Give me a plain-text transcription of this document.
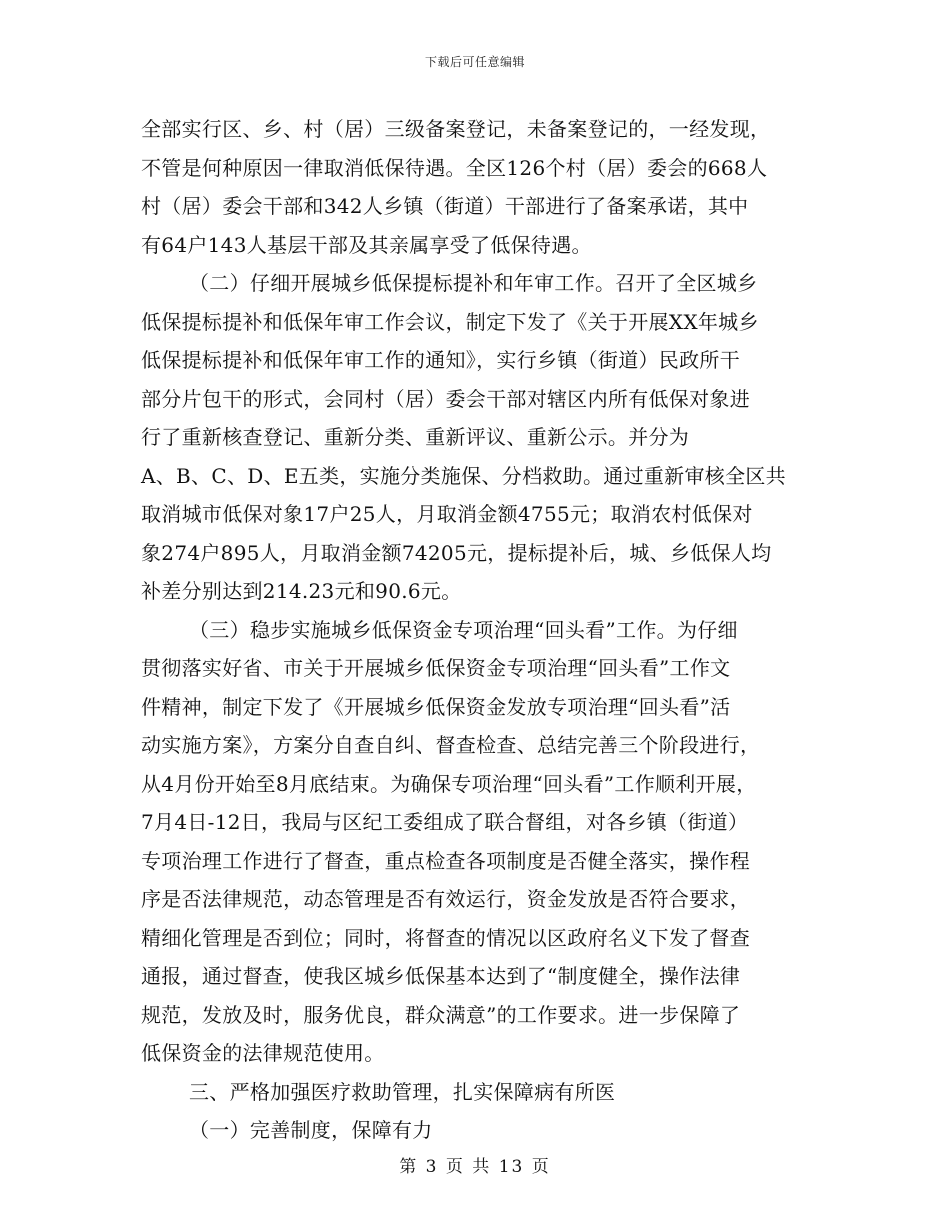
下载后可任意编辑
全部实行区、乡、村（居）三级备案登记，未备案登记的，一经发现，
不管是何种原因一律取消低保待遇。全区126个村（居）委会的668人
村（居）委会干部和342人乡镇（街道）干部进行了备案承诺，其中
有64户143人基层干部及其亲属享受了低保待遇。
（二）仔细开展城乡低保提标提补和年审工作。召开了全区城乡
低保提标提补和低保年审工作会议，制定下发了《关于开展XX年城乡
低保提标提补和低保年审工作的通知》，实行乡镇（街道）民政所干
部分片包干的形式，会同村（居）委会干部对辖区内所有低保对象进
行了重新核查登记、重新分类、重新评议、重新公示。并分为
A、B、C、D、E五类，实施分类施保、分档救助。通过重新审核全区共
取消城市低保对象17户25人，月取消金额4755元；取消农村低保对
象274户895人，月取消金额74205元，提标提补后，城、乡低保人均
补差分别达到214.23元和90.6元。
（三）稳步实施城乡低保资金专项治理“回头看”工作。为仔细
贯彻落实好省、市关于开展城乡低保资金专项治理“回头看”工作文
件精神，制定下发了《开展城乡低保资金发放专项治理“回头看”活
动实施方案》，方案分自查自纠、督查检查、总结完善三个阶段进行，
从4月份开始至8月底结束。为确保专项治理“回头看”工作顺利开展，
7月4日-12日，我局与区纪工委组成了联合督组，对各乡镇（街道）
专项治理工作进行了督查，重点检查各项制度是否健全落实，操作程
序是否法律规范，动态管理是否有效运行，资金发放是否符合要求，
精细化管理是否到位；同时，将督查的情况以区政府名义下发了督查
通报，通过督查，使我区城乡低保基本达到了“制度健全，操作法律
规范，发放及时，服务优良，群众满意”的工作要求。进一步保障了
低保资金的法律规范使用。
三、严格加强医疗救助管理，扎实保障病有所医
（一）完善制度，保障有力
第 3 页 共 13 页
